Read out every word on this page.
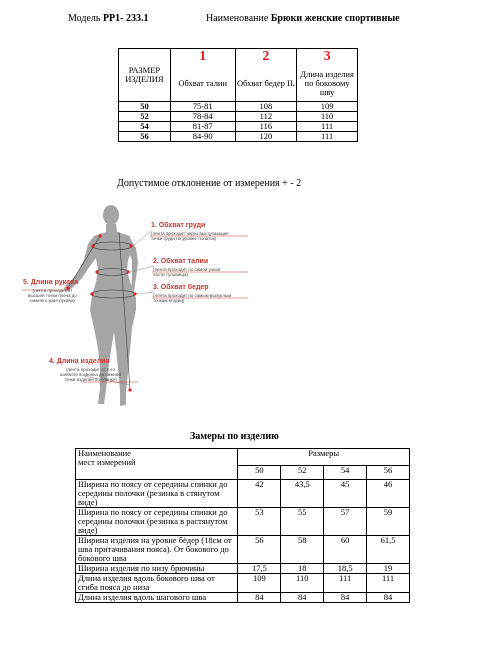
Модель РР1- 233.1	Наименование Брюки женские спортивные
РАЗМЕР ИЗДЕЛИЯ	1	2	3
	Обхват талии	Обхват бедер II.	Длина изделия по боковому шву
50	75-81	108	109
52	78-84	112	110
54	81-87	116	111
56	84-90	120	111
Допустимое отклонение от измерения + - 2
1. Обхват груди
(лента проходит через выступающие
точки груди на уровне лопаток)
2. Обхват талии
(лента проходит по самой узкой
части туловища)
3. Обхват бедер
(лента проходит по самым выпуклым
точкам ягодиц)
4. Длина изделия
(лента проходит от 6-го
шейного позвонка до нижней
точки изделия по спинке)
5. Длина рукава
(лента проходит от
высшей точки плеча до
нижнего края рукава)
Замеры по изделию
Наименование
мест измерений	Размеры			
	50	52	54	56
Ширина по поясу от середины спинки до середины полочки (резинка в стянутом виде)	42	43,5	45	46
Ширина по поясу от середины спинки до середины полочки (резинка в растянутом виде)	53	55	57	59
Ширина изделия на уровне бёдер (18см от шва притачивания пояса). От бокового до бокового шва	56	58	60	61,5
Ширина изделия по низу брючины	17,5	18	18,5	19
Длина изделия вдоль бокового шва от сгиба пояса до низа	109	110	111	111
Длина изделия вдоль шагового шва	84	84	84	84
